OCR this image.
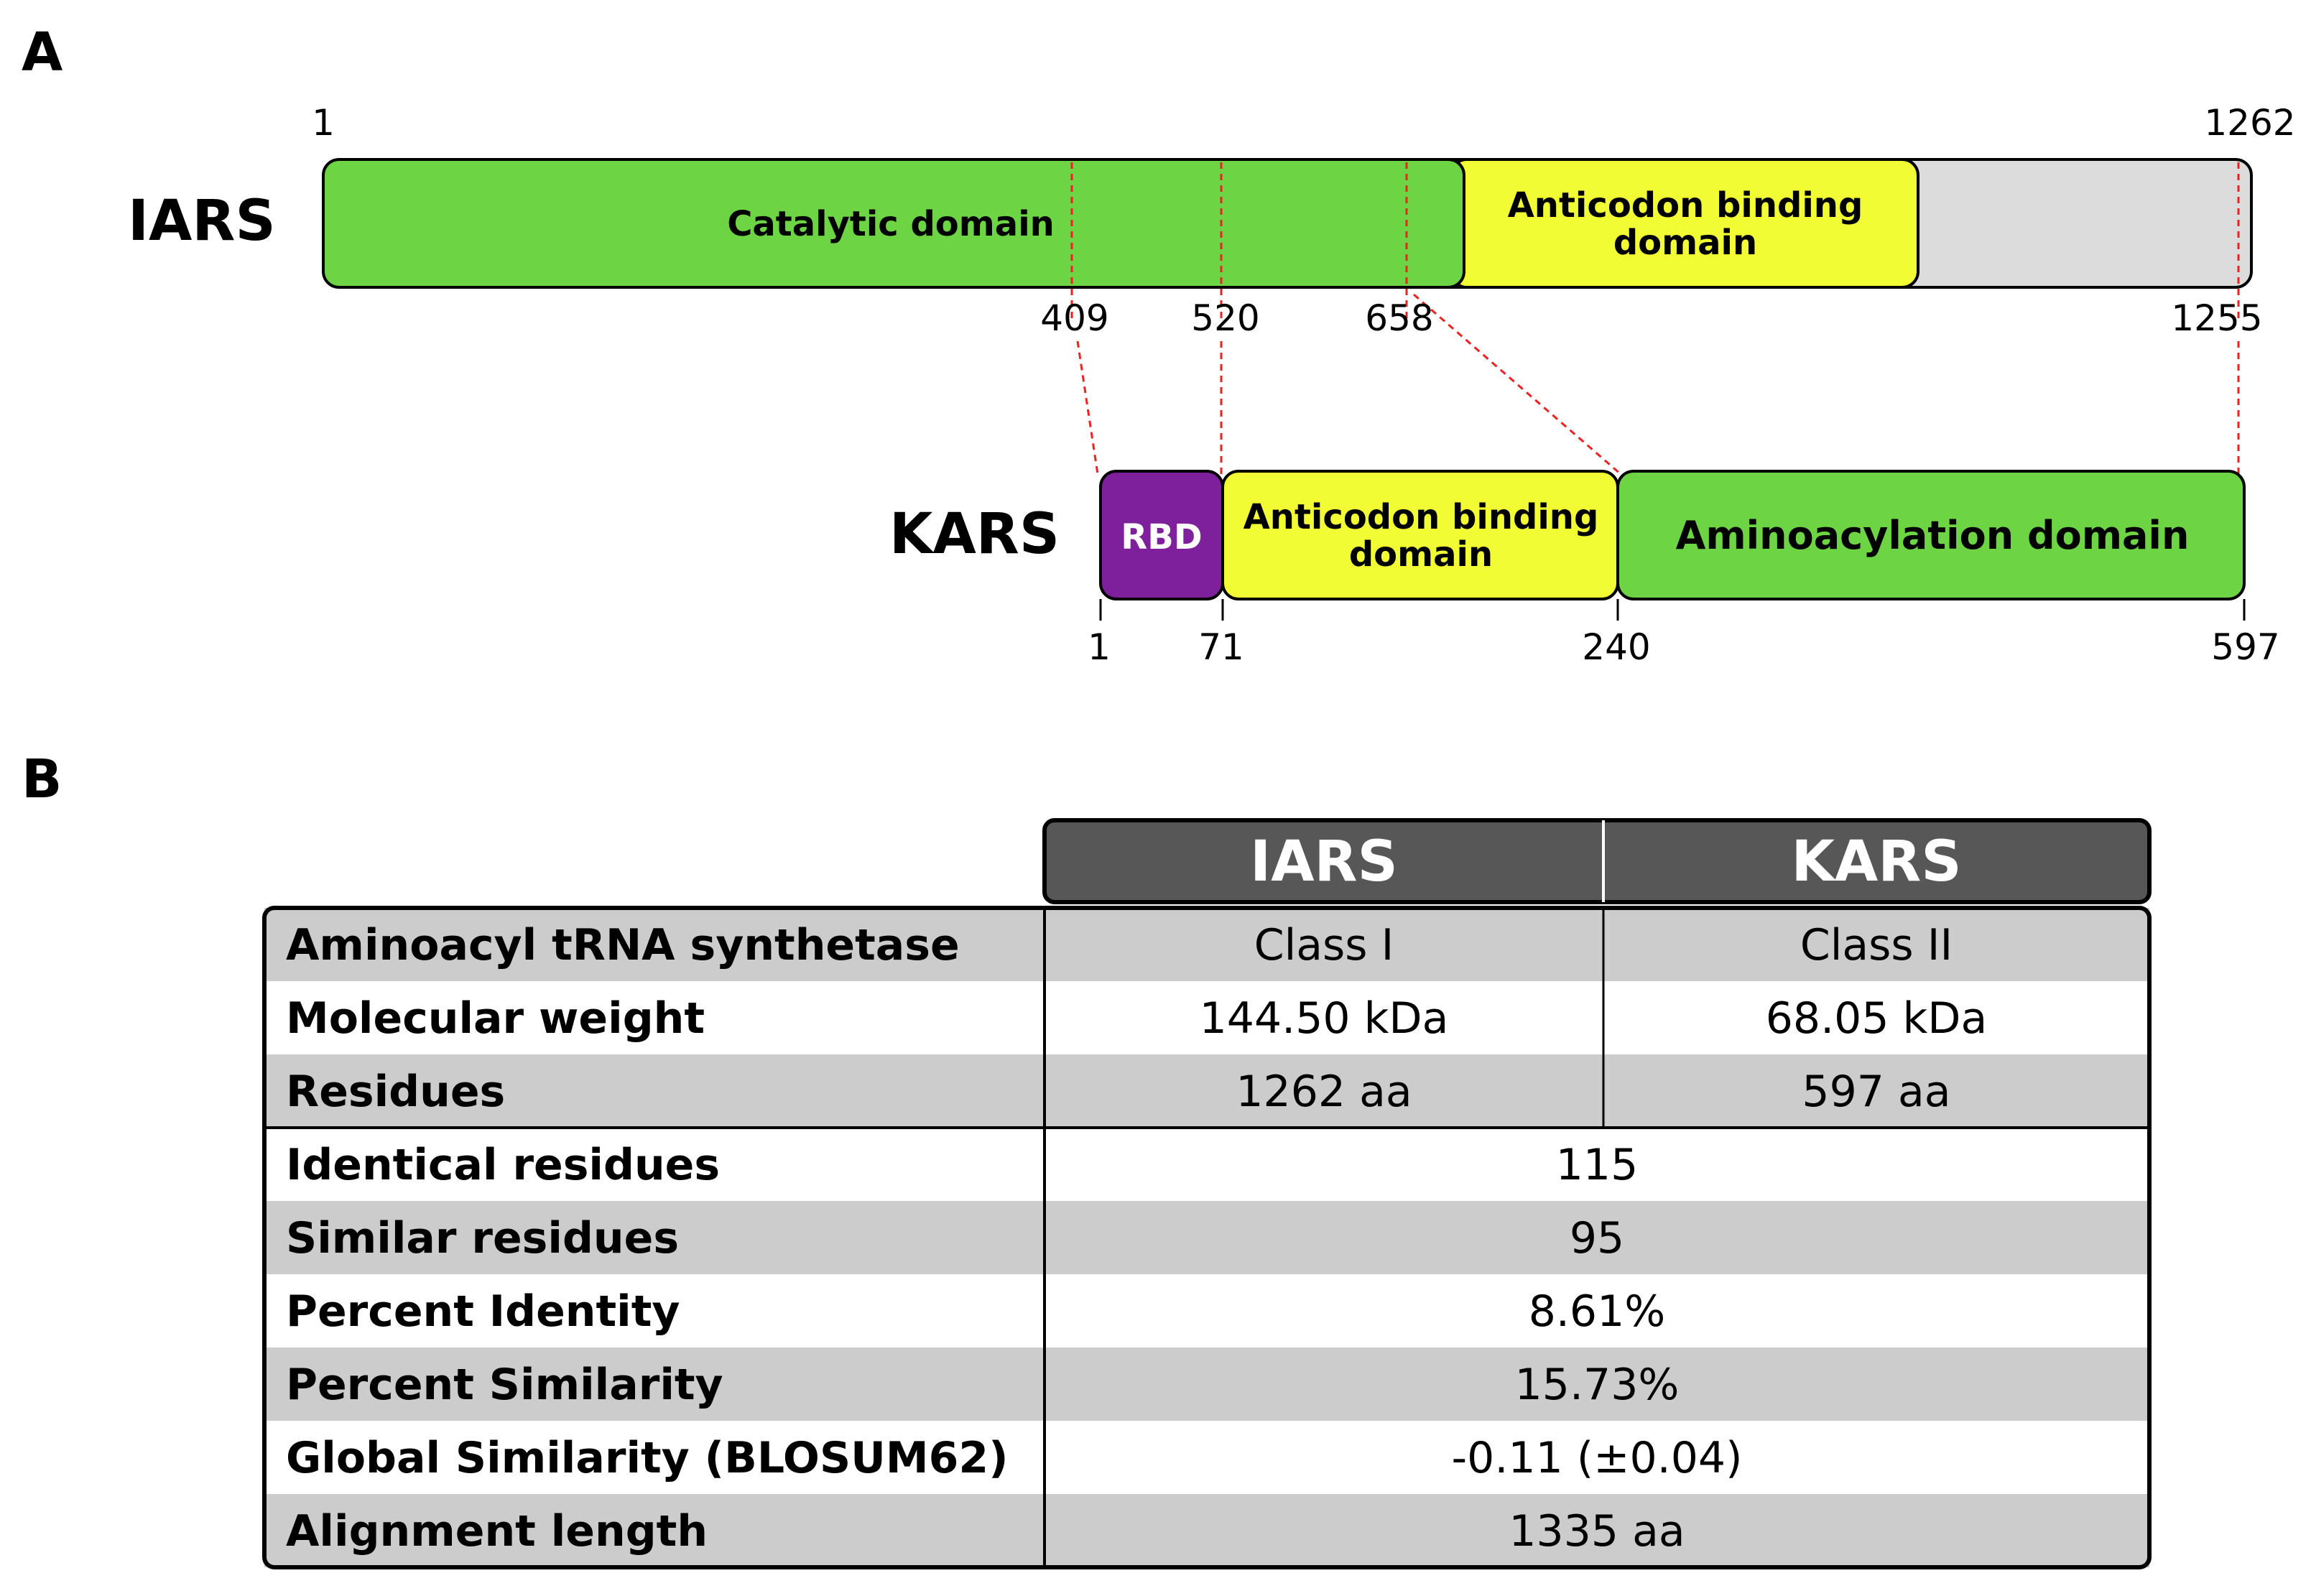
A
IARS
1	1262
Catalytic domain	Anticodon binding
domain
409 520	658	1255
KARS RBD Anticodon binding
domain	Aminoacylation domain
1 71	240	597
B
IARS	KARS
Aminoacyl tRNA synthetase	Class I	Class II
Molecular weight	144.50 kDa	68.05 kDa
Residues	1262 aa	597 aa
Identical residues	115
Similar residues	95
Percent Identity	8.61%
Percent Similarity	15.73%
Global Similarity (BLOSUM62)	-0.11 (±0.04)
Alignment length	1335 aa
